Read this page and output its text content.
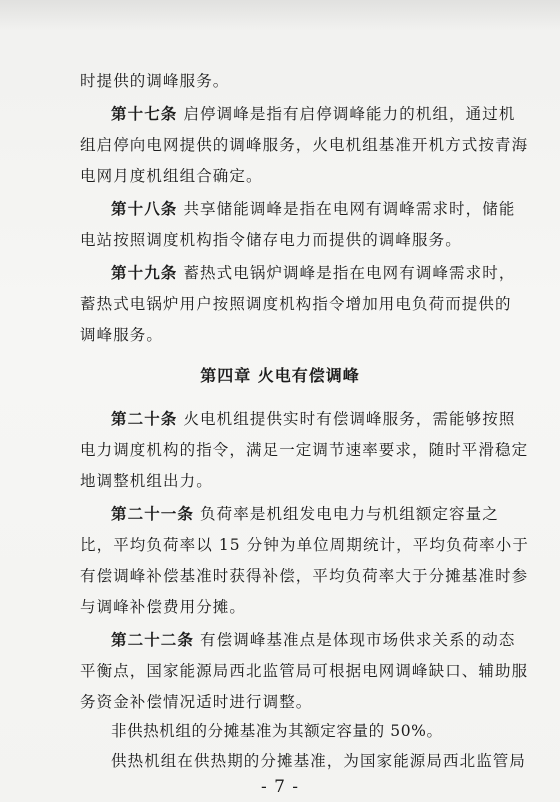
时提供的调峰服务。
第十七条 启停调峰是指有启停调峰能力的机组，通过机
组启停向电网提供的调峰服务，火电机组基准开机方式按青海
电网月度机组组合确定。
第十八条 共享储能调峰是指在电网有调峰需求时，储能
电站按照调度机构指令储存电力而提供的调峰服务。
第十九条 蓄热式电锅炉调峰是指在电网有调峰需求时，
蓄热式电锅炉用户按照调度机构指令增加用电负荷而提供的
调峰服务。
第四章 火电有偿调峰
第二十条 火电机组提供实时有偿调峰服务，需能够按照
电力调度机构的指令，满足一定调节速率要求，随时平滑稳定
地调整机组出力。
第二十一条 负荷率是机组发电电力与机组额定容量之
比，平均负荷率以 15 分钟为单位周期统计，平均负荷率小于
有偿调峰补偿基准时获得补偿，平均负荷率大于分摊基准时参
与调峰补偿费用分摊。
第二十二条 有偿调峰基准点是体现市场供求关系的动态
平衡点，国家能源局西北监管局可根据电网调峰缺口、辅助服
务资金补偿情况适时进行调整。
非供热机组的分摊基准为其额定容量的 50%。
供热机组在供热期的分摊基准，为国家能源局西北监管局
- 7 -
